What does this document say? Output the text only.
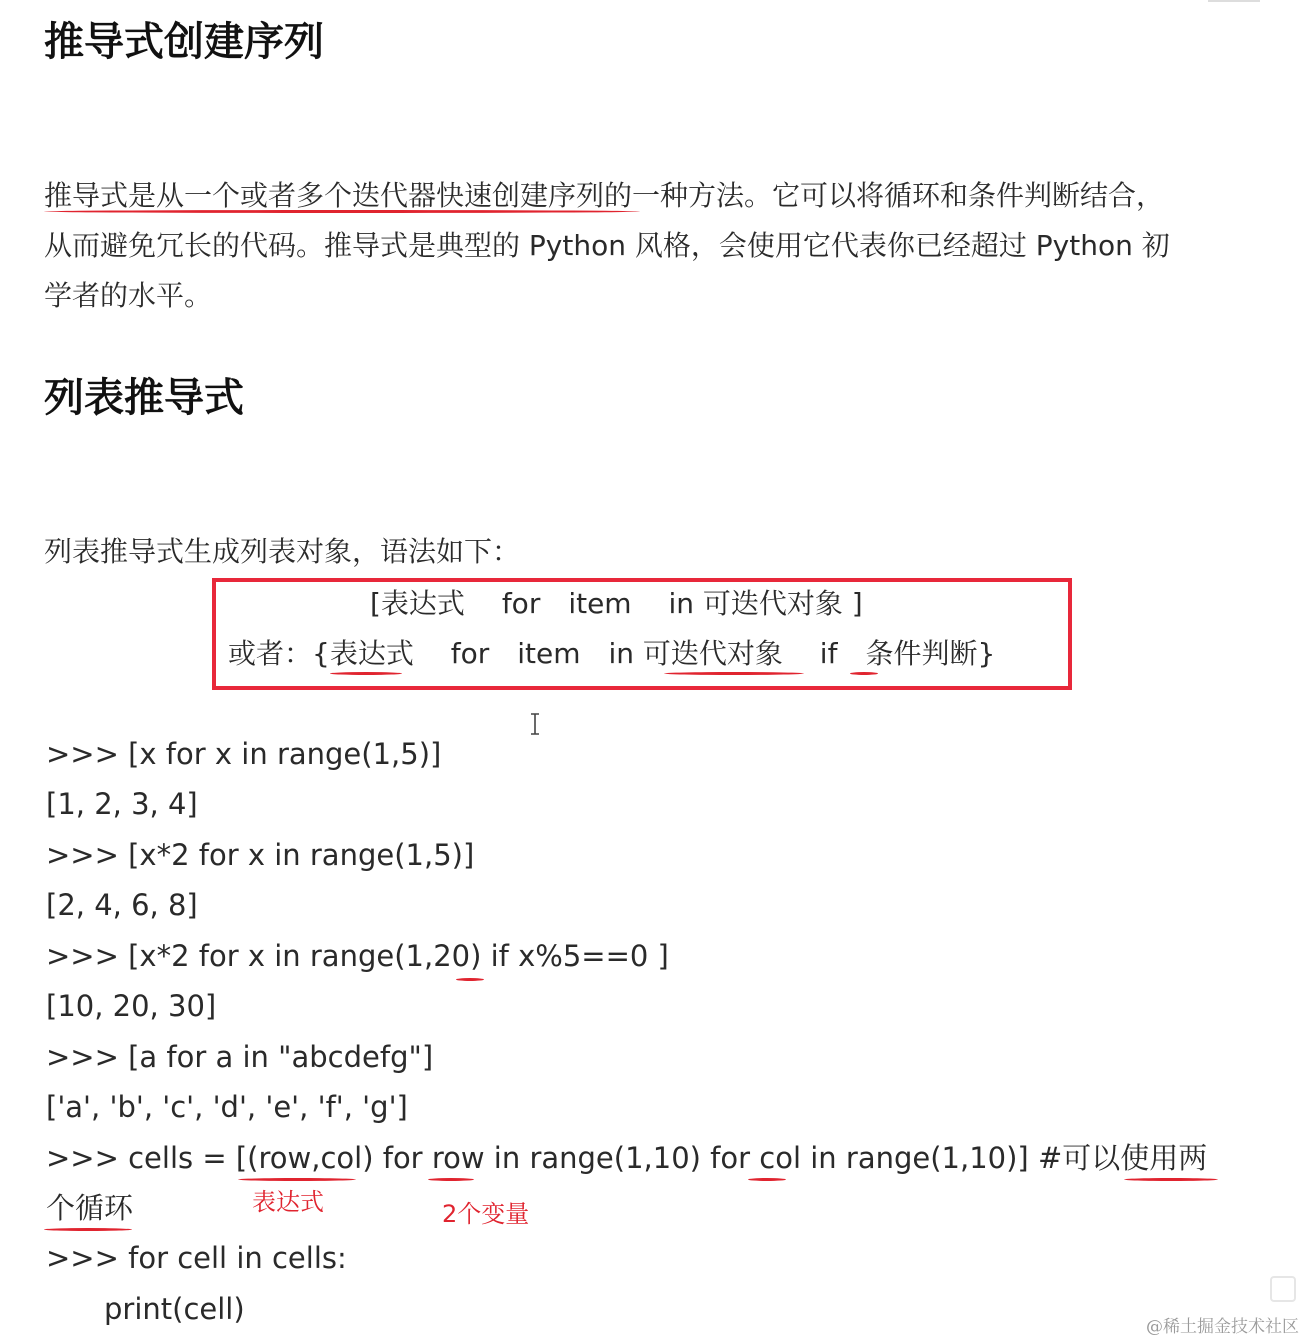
推导式创建序列
推导式是从一个或者多个迭代器快速创建序列的一种方法。它可以将循环和条件判断结合，
从而避免冗长的代码。推导式是典型的 Python 风格，会使用它代表你已经超过 Python 初
学者的水平。
列表推导式
列表推导式生成列表对象，语法如下：
[表达式　 for　item　 in 可迭代对象 ]
或者：{表达式　 for　item　in 可迭代对象　 if　条件判断}
>>> [x for x in range(1,5)]
[1, 2, 3, 4]
>>> [x*2 for x in range(1,5)]
[2, 4, 6, 8]
>>> [x*2 for x in range(1,20) if x%5==0 ]
[10, 20, 30]
>>> [a for a in "abcdefg"]
['a', 'b', 'c', 'd', 'e', 'f', 'g']
>>> cells = [(row,col) for row in range(1,10) for col in range(1,10)] #可以使用两
个循环	表达式	2个变量
>>> for cell in cells:
print(cell)
@稀土掘金技术社区
